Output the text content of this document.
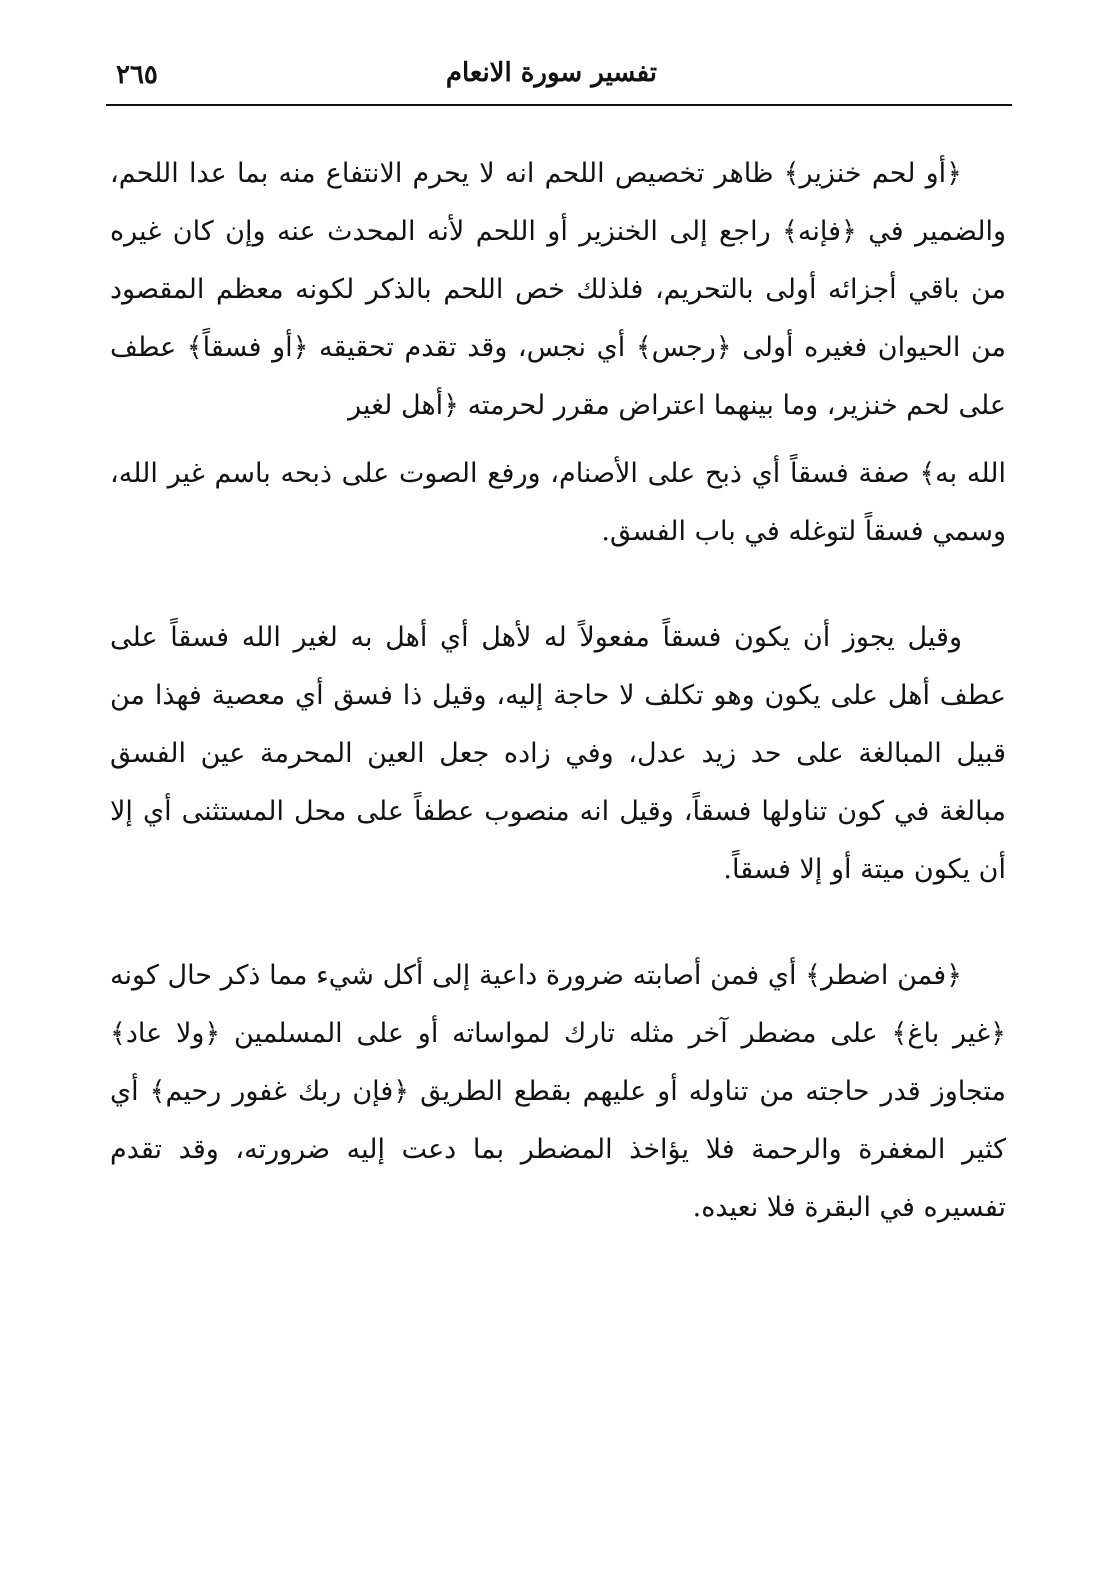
تفسير سورة الانعام
٢٦٥

﴿أو لحم خنزير﴾ ظاهر تخصيص اللحم انه لا يحرم الانتفاع منه بما عدا اللحم، والضمير في ﴿فإنه﴾ راجع إلى الخنزير أو اللحم لأنه المحدث عنه وإن كان غيره من باقي أجزائه أولى بالتحريم، فلذلك خص اللحم بالذكر لكونه معظم المقصود من الحيوان فغيره أولى ﴿رجس﴾ أي نجس، وقد تقدم تحقيقه ﴿أو فسقاً﴾ عطف على لحم خنزير، وما بينهما اعتراض مقرر لحرمته ﴿أهل لغير

الله به﴾ صفة فسقاً أي ذبح على الأصنام، ورفع الصوت على ذبحه باسم غير الله، وسمي فسقاً لتوغله في باب الفسق.

وقيل يجوز أن يكون فسقاً مفعولاً له لأهل أي أهل به لغير الله فسقاً على عطف أهل على يكون وهو تكلف لا حاجة إليه، وقيل ذا فسق أي معصية فهذا من قبيل المبالغة على حد زيد عدل، وفي زاده جعل العين المحرمة عين الفسق مبالغة في كون تناولها فسقاً، وقيل انه منصوب عطفاً على محل المستثنى أي إلا أن يكون ميتة أو إلا فسقاً.

﴿فمن اضطر﴾ أي فمن أصابته ضرورة داعية إلى أكل شيء مما ذكر حال كونه ﴿غير باغ﴾ على مضطر آخر مثله تارك لمواساته أو على المسلمين ﴿ولا عاد﴾ متجاوز قدر حاجته من تناوله أو عليهم بقطع الطريق ﴿فإن ربك غفور رحيم﴾ أي كثير المغفرة والرحمة فلا يؤاخذ المضطر بما دعت إليه ضرورته، وقد تقدم تفسيره في البقرة فلا نعيده.
